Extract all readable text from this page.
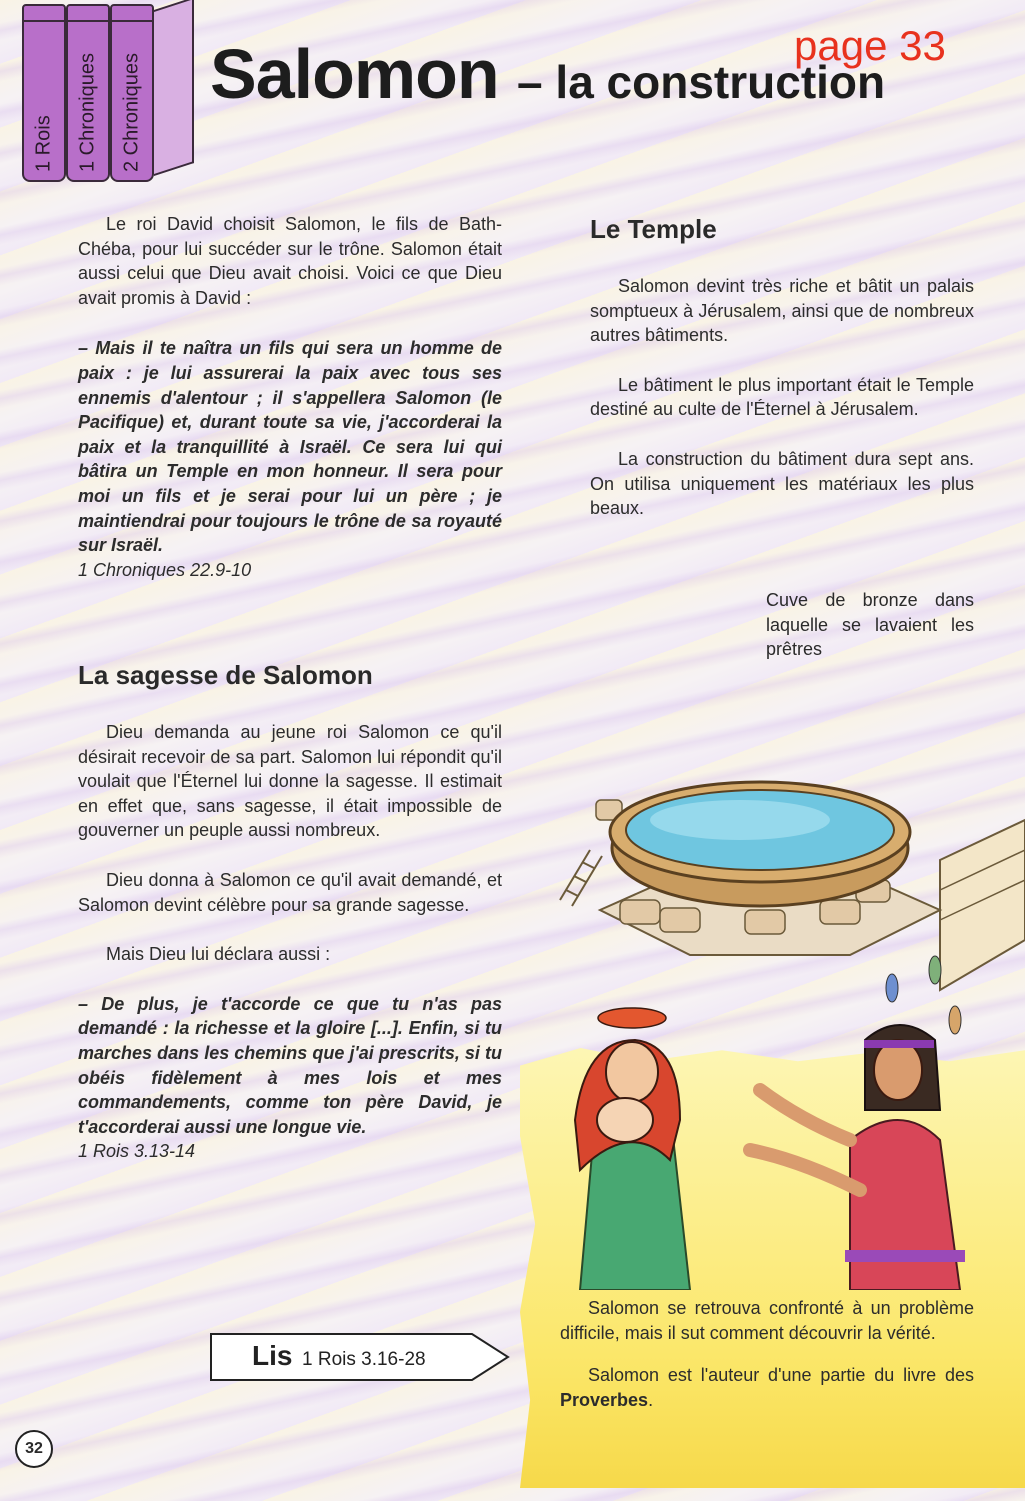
1 Rois 1 Chroniques 2 Chroniques Salomon – la construction
page 33

Le roi David choisit Salomon, le fils de Bath-Chéba, pour lui succéder sur le trône. Salomon était aussi celui que Dieu avait choisi. Voici ce que Dieu avait promis à David :

– Mais il te naîtra un fils qui sera un homme de paix : je lui assurerai la paix avec tous ses ennemis d'alentour ; il s'appellera Salomon (le Pacifique) et, durant toute sa vie, j'accorderai la paix et la tranquillité à Israël. Ce sera lui qui bâtira un Temple en mon honneur. Il sera pour moi un fils et je serai pour lui un père ; je maintiendrai pour toujours le trône de sa royauté sur Israël.

1 Chroniques 22.9-10

La sagesse de Salomon

Dieu demanda au jeune roi Salomon ce qu'il désirait recevoir de sa part. Salomon lui répondit qu'il voulait que l'Éternel lui donne la sagesse. Il estimait en effet que, sans sagesse, il était impossible de gouverner un peuple aussi nombreux.

Dieu donna à Salomon ce qu'il avait demandé, et Salomon devint célèbre pour sa grande sagesse.

Mais Dieu lui déclara aussi :

– De plus, je t'accorde ce que tu n'as pas demandé : la richesse et la gloire [...]. Enfin, si tu marches dans les chemins que j'ai prescrits, si tu obéis fidèlement à mes lois et mes commandements, comme ton père David, je t'accorderai aussi une longue vie.

1 Rois 3.13-14

Le Temple

Salomon devint très riche et bâtit un palais somptueux à Jérusalem, ainsi que de nombreux autres bâtiments.

Le bâtiment le plus important était le Temple destiné au culte de l'Éternel à Jérusalem.

La construction du bâtiment dura sept ans. On utilisa uniquement les matériaux les plus beaux.

Cuve de bronze dans laquelle se lavaient les prêtres

Salomon se retrouva confronté à un problème difficile, mais il sut comment découvrir la vérité.

Salomon est l'auteur d'une partie du livre des Proverbes.

Lis 1 Rois 3.16-28
32
